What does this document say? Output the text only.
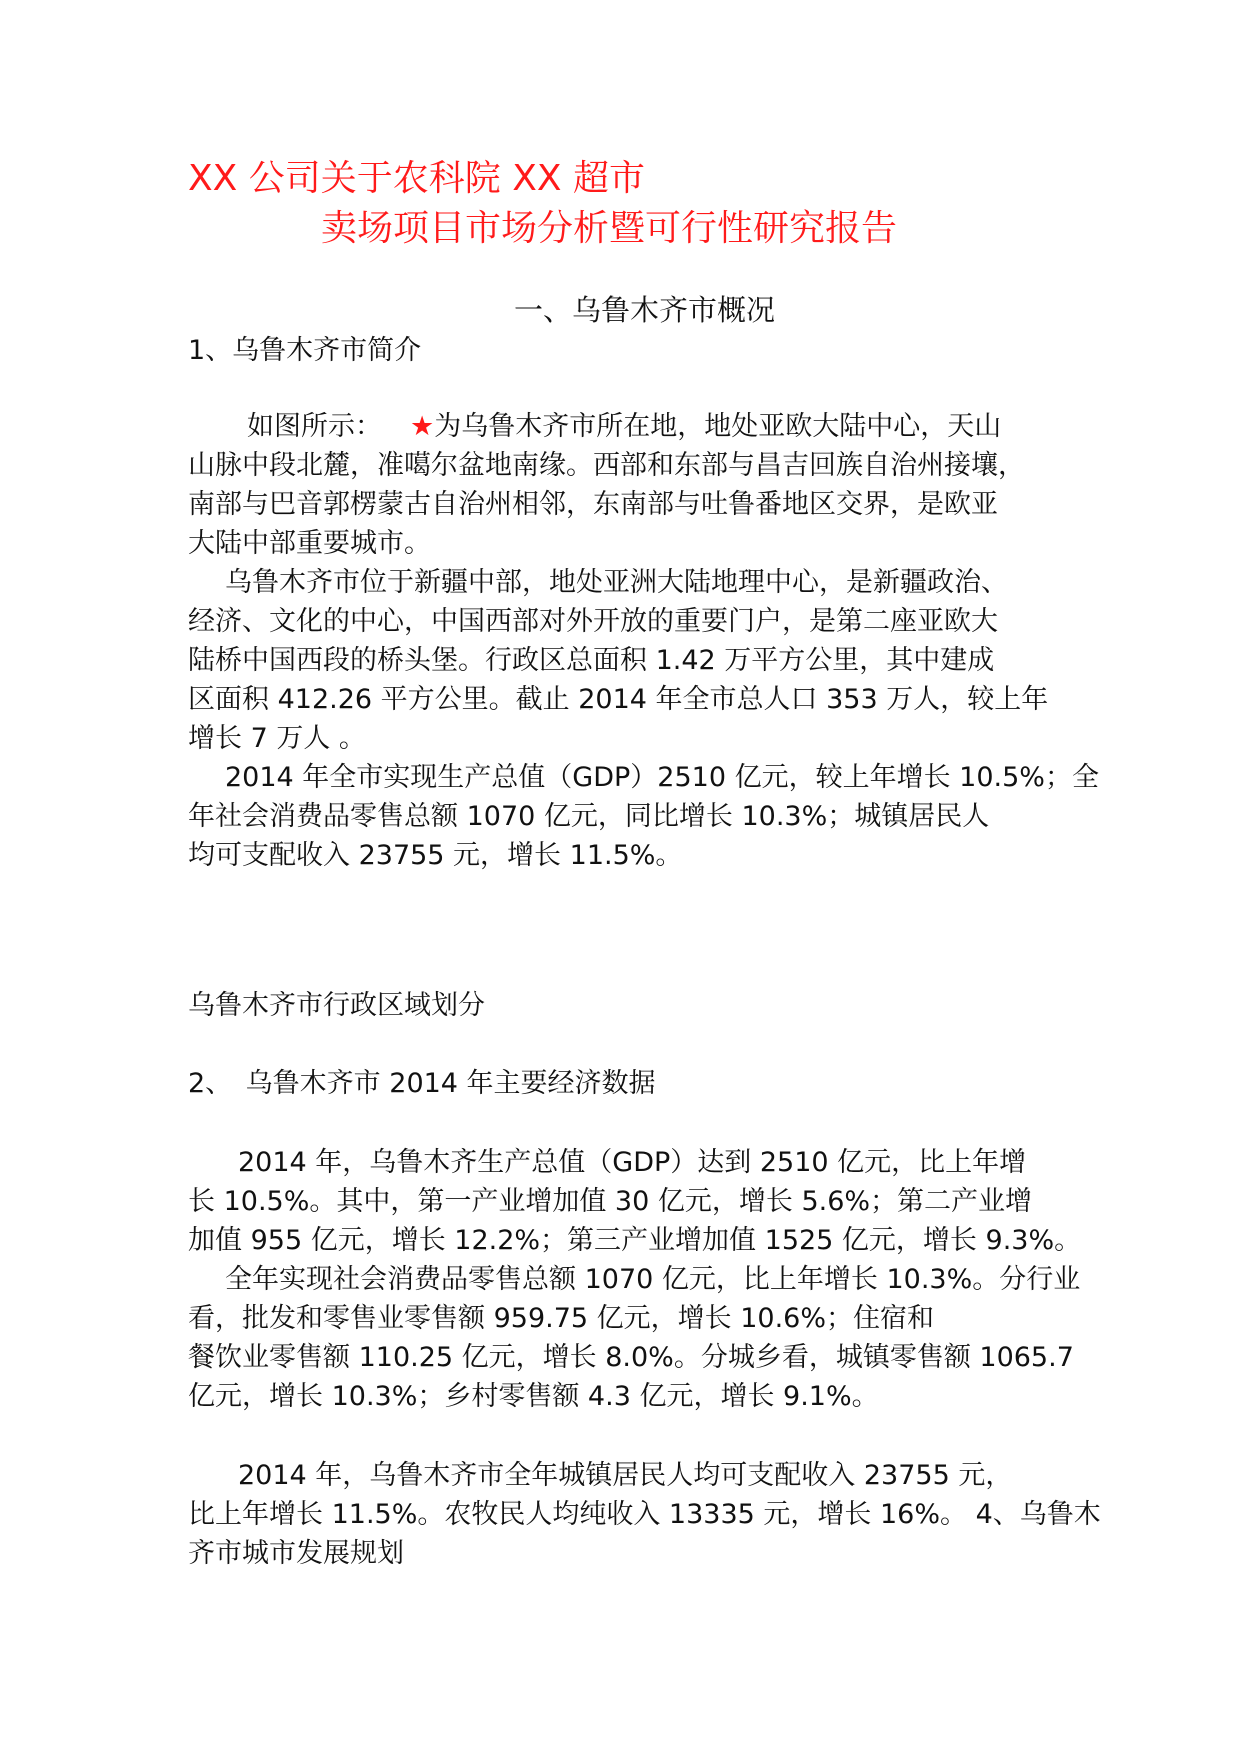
XX 公司关于农科院 XX 超市
卖场项目市场分析暨可行性研究报告
一、乌鲁木齐市概况
1、乌鲁木齐市简介
如图所示： ★为乌鲁木齐市所在地，地处亚欧大陆中心，天山
山脉中段北麓，准噶尔盆地南缘。西部和东部与昌吉回族自治州接壤，
南部与巴音郭楞蒙古自治州相邻，东南部与吐鲁番地区交界，是欧亚
大陆中部重要城市。
乌鲁木齐市位于新疆中部，地处亚洲大陆地理中心，是新疆政治、
经济、文化的中心，中国西部对外开放的重要门户，是第二座亚欧大
陆桥中国西段的桥头堡。行政区总面积 1.42 万平方公里，其中建成
区面积 412.26 平方公里。截止 2014 年全市总人口 353 万人，较上年
增长 7 万人 。
2014 年全市实现生产总值（GDP）2510 亿元，较上年增长 10.5%；全
年社会消费品零售总额 1070 亿元，同比增长 10.3%；城镇居民人
均可支配收入 23755 元，增长 11.5%。
乌鲁木齐市行政区域划分
2、　乌鲁木齐市 2014 年主要经济数据
2014 年，乌鲁木齐生产总值（GDP）达到 2510 亿元，比上年增
长 10.5%。其中，第一产业增加值 30 亿元，增长 5.6%；第二产业增
加值 955 亿元，增长 12.2%；第三产业增加值 1525 亿元，增长 9.3%。
全年实现社会消费品零售总额 1070 亿元，比上年增长 10.3%。分行业
看，批发和零售业零售额 959.75 亿元，增长 10.6%；住宿和
餐饮业零售额 110.25 亿元，增长 8.0%。分城乡看，城镇零售额 1065.7
亿元，增长 10.3%；乡村零售额 4.3 亿元，增长 9.1%。
2014 年，乌鲁木齐市全年城镇居民人均可支配收入 23755 元，
比上年增长 11.5%。农牧民人均纯收入 13335 元，增长 16%。 4、乌鲁木
齐市城市发展规划
